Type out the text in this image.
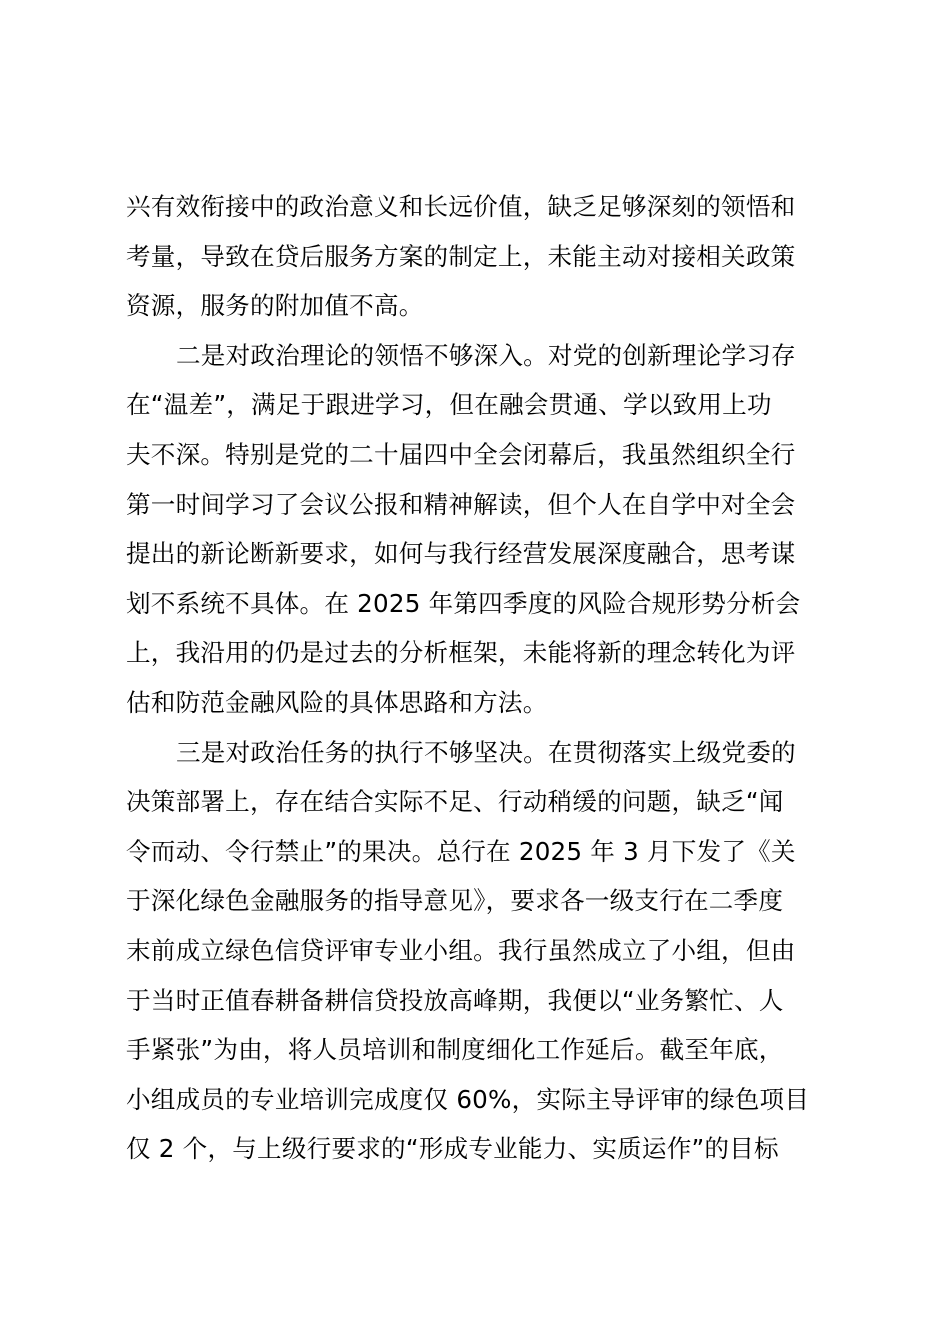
兴有效衔接中的政治意义和长远价值，缺乏足够深刻的领悟和
考量，导致在贷后服务方案的制定上，未能主动对接相关政策
资源，服务的附加值不高。
二是对政治理论的领悟不够深入。对党的创新理论学习存
在“温差”，满足于跟进学习，但在融会贯通、学以致用上功
夫不深。特别是党的二十届四中全会闭幕后，我虽然组织全行
第一时间学习了会议公报和精神解读，但个人在自学中对全会
提出的新论断新要求，如何与我行经营发展深度融合，思考谋
划不系统不具体。在 2025 年第四季度的风险合规形势分析会
上，我沿用的仍是过去的分析框架，未能将新的理念转化为评
估和防范金融风险的具体思路和方法。
三是对政治任务的执行不够坚决。在贯彻落实上级党委的
决策部署上，存在结合实际不足、行动稍缓的问题，缺乏“闻
令而动、令行禁止”的果决。总行在 2025 年 3 月下发了《关
于深化绿色金融服务的指导意见》，要求各一级支行在二季度
末前成立绿色信贷评审专业小组。我行虽然成立了小组，但由
于当时正值春耕备耕信贷投放高峰期，我便以“业务繁忙、人
手紧张”为由，将人员培训和制度细化工作延后。截至年底，
小组成员的专业培训完成度仅 60%，实际主导评审的绿色项目
仅 2 个，与上级行要求的“形成专业能力、实质运作”的目标
